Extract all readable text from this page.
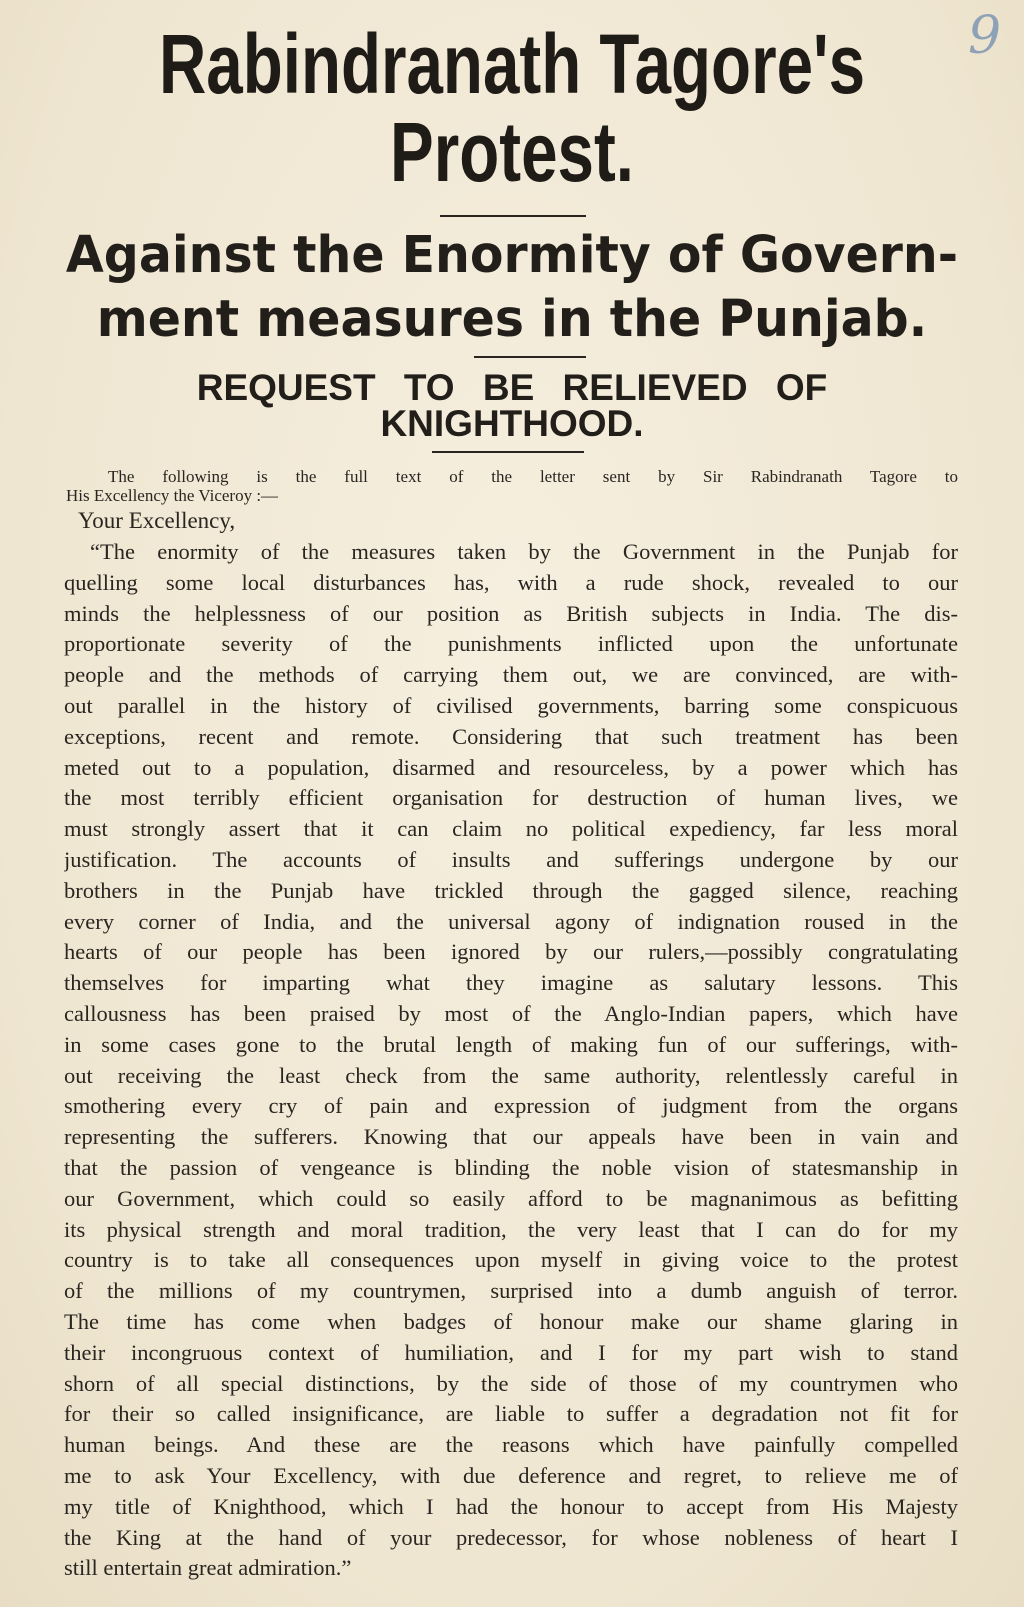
9
Rabindranath Tagore's
Protest.
Against the Enormity of Govern-
ment measures in the Punjab.
REQUEST TO BE RELIEVED OF
KNIGHTHOOD.
The following is the full text of the letter sent by Sir Rabindranath Tagore to
His Excellency the Viceroy :—
Your Excellency,
“The enormity of the measures taken by the Government in the Punjab for
quelling some local disturbances has, with a rude shock, revealed to our
minds the helplessness of our position as British subjects in India. The dis-
proportionate severity of the punishments inflicted upon the unfortunate
people and the methods of carrying them out, we are convinced, are with-
out parallel in the history of civilised governments, barring some conspicuous
exceptions, recent and remote. Considering that such treatment has been
meted out to a population, disarmed and resourceless, by a power which has
the most terribly efficient organisation for destruction of human lives, we
must strongly assert that it can claim no political expediency, far less moral
justification. The accounts of insults and sufferings undergone by our
brothers in the Punjab have trickled through the gagged silence, reaching
every corner of India, and the universal agony of indignation roused in the
hearts of our people has been ignored by our rulers,—possibly congratulating
themselves for imparting what they imagine as salutary lessons. This
callousness has been praised by most of the Anglo-Indian papers, which have
in some cases gone to the brutal length of making fun of our sufferings, with-
out receiving the least check from the same authority, relentlessly careful in
smothering every cry of pain and expression of judgment from the organs
representing the sufferers. Knowing that our appeals have been in vain and
that the passion of vengeance is blinding the noble vision of statesmanship in
our Government, which could so easily afford to be magnanimous as befitting
its physical strength and moral tradition, the very least that I can do for my
country is to take all consequences upon myself in giving voice to the protest
of the millions of my countrymen, surprised into a dumb anguish of terror.
The time has come when badges of honour make our shame glaring in
their incongruous context of humiliation, and I for my part wish to stand
shorn of all special distinctions, by the side of those of my countrymen who
for their so called insignificance, are liable to suffer a degradation not fit for
human beings. And these are the reasons which have painfully compelled
me to ask Your Excellency, with due deference and regret, to relieve me of
my title of Knighthood, which I had the honour to accept from His Majesty
the King at the hand of your predecessor, for whose nobleness of heart I
still entertain great admiration.”
